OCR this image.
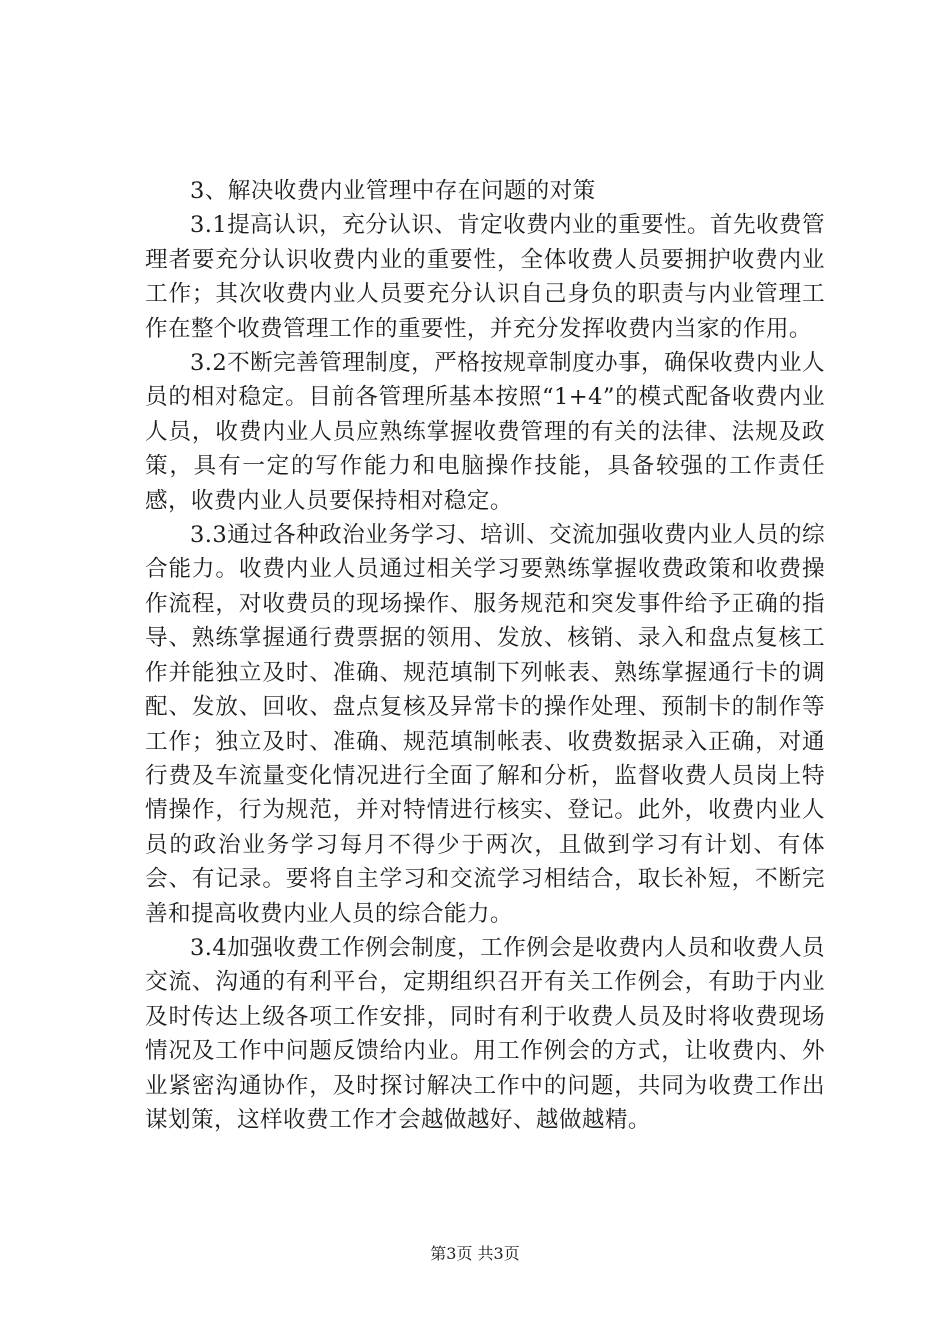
3、解决收费内业管理中存在问题的对策

3.1提高认识，充分认识、肯定收费内业的重要性。首先收费管理者要充分认识收费内业的重要性，全体收费人员要拥护收费内业工作；其次收费内业人员要充分认识自己身负的职责与内业管理工作在整个收费管理工作的重要性，并充分发挥收费内当家的作用。

3.2不断完善管理制度，严格按规章制度办事，确保收费内业人员的相对稳定。目前各管理所基本按照“1+4”的模式配备收费内业人员，收费内业人员应熟练掌握收费管理的有关的法律、法规及政策，具有一定的写作能力和电脑操作技能，具备较强的工作责任感，收费内业人员要保持相对稳定。

3.3通过各种政治业务学习、培训、交流加强收费内业人员的综合能力。收费内业人员通过相关学习要熟练掌握收费政策和收费操作流程，对收费员的现场操作、服务规范和突发事件给予正确的指导、熟练掌握通行费票据的领用、发放、核销、录入和盘点复核工作并能独立及时、准确、规范填制下列帐表、熟练掌握通行卡的调配、发放、回收、盘点复核及异常卡的操作处理、预制卡的制作等工作；独立及时、准确、规范填制帐表、收费数据录入正确，对通行费及车流量变化情况进行全面了解和分析，监督收费人员岗上特情操作，行为规范，并对特情进行核实、登记。此外，收费内业人员的政治业务学习每月不得少于两次，且做到学习有计划、有体会、有记录。要将自主学习和交流学习相结合，取长补短，不断完善和提高收费内业人员的综合能力。

3.4加强收费工作例会制度，工作例会是收费内人员和收费人员交流、沟通的有利平台，定期组织召开有关工作例会，有助于内业及时传达上级各项工作安排，同时有利于收费人员及时将收费现场情况及工作中问题反馈给内业。用工作例会的方式，让收费内、外业紧密沟通协作，及时探讨解决工作中的问题，共同为收费工作出谋划策，这样收费工作才会越做越好、越做越精。

第3页 共3页
